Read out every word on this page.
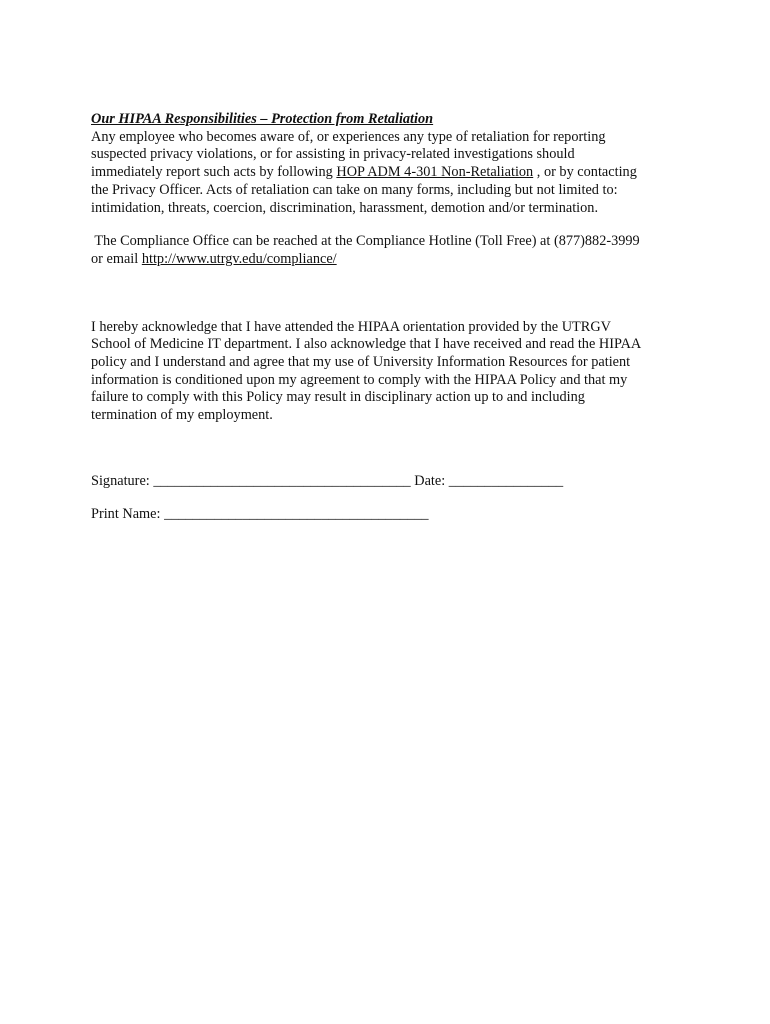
Our HIPAA Responsibilities – Protection from Retaliation

Any employee who becomes aware of, or experiences any type of retaliation for reporting
suspected privacy violations, or for assisting in privacy-related investigations should
immediately report such acts by following HOP ADM 4-301 Non-Retaliation , or by contacting
the Privacy Officer. Acts of retaliation can take on many forms, including but not limited to:
intimidation, threats, coercion, discrimination, harassment, demotion and/or termination.

The Compliance Office can be reached at the Compliance Hotline (Toll Free) at (877)882-3999
or email http://www.utrgv.edu/compliance/

I hereby acknowledge that I have attended the HIPAA orientation provided by the UTRGV
School of Medicine IT department. I also acknowledge that I have received and read the HIPAA
policy and I understand and agree that my use of University Information Resources for patient
information is conditioned upon my agreement to comply with the HIPAA Policy and that my
failure to comply with this Policy may result in disciplinary action up to and including
termination of my employment.

Signature: ____________________________________ Date: ________________
Print Name: _____________________________________
